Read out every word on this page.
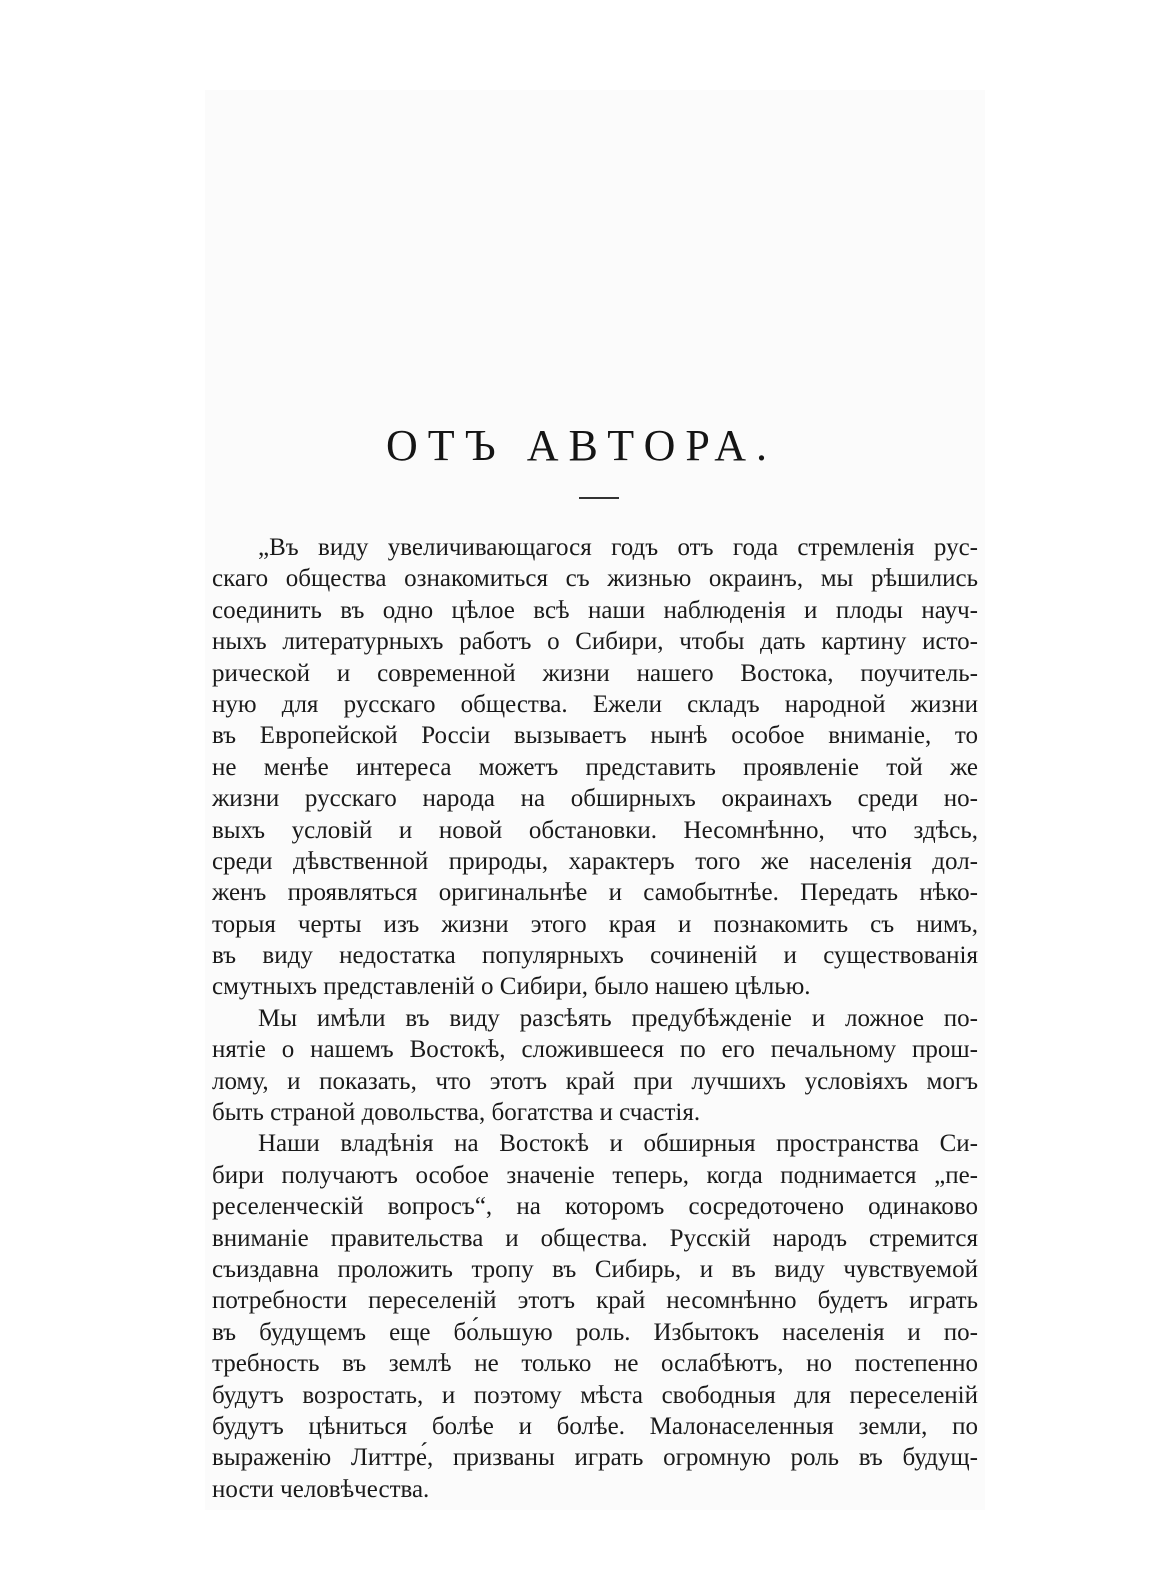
ОТЪ АВТОРА.
„Въ виду увеличивающагося годъ отъ года стремленія рус-
скаго общества ознакомиться съ жизнью окраинъ, мы рѣшились
соединить въ одно цѣлое всѣ наши наблюденія и плоды науч-
ныхъ литературныхъ работъ о Сибири, чтобы дать картину исто-
рической и современной жизни нашего Востока, поучитель-
ную для русскаго общества. Ежели складъ народной жизни
въ Европейской Россіи вызываетъ нынѣ особое вниманіе, то
не менѣе интереса можетъ представить проявленіе той же
жизни русскаго народа на обширныхъ окраинахъ среди но-
выхъ условій и новой обстановки. Несомнѣнно, что здѣсь,
среди дѣвственной природы, характеръ того же населенія дол-
женъ проявляться оригинальнѣе и самобытнѣе. Передать нѣко-
торыя черты изъ жизни этого края и познакомить съ нимъ,
въ виду недостатка популярныхъ сочиненій и существованія
смутныхъ представленій о Сибири, было нашею цѣлью.
Мы имѣли въ виду разсѣять предубѣжденіе и ложное по-
нятіе о нашемъ Востокѣ, сложившееся по его печальному прош-
лому, и показать, что этотъ край при лучшихъ условіяхъ могъ
быть страной довольства, богатства и счастія.
Наши владѣнія на Востокѣ и обширныя пространства Си-
бири получаютъ особое значеніе теперь, когда поднимается „пе-
реселенческій вопросъ“, на которомъ сосредоточено одинаково
вниманіе правительства и общества. Русскій народъ стремится
съиздавна проложить тропу въ Сибирь, и въ виду чувствуемой
потребности переселеній этотъ край несомнѣнно будетъ играть
въ будущемъ еще бо́льшую роль. Избытокъ населенія и по-
требность въ землѣ не только не ослабѣютъ, но постепенно
будутъ возростать, и поэтому мѣста свободныя для переселеній
будутъ цѣниться болѣе и болѣе. Малонаселенныя земли, по
выраженію Литтре́, призваны играть огромную роль въ будущ-
ности человѣчества.
